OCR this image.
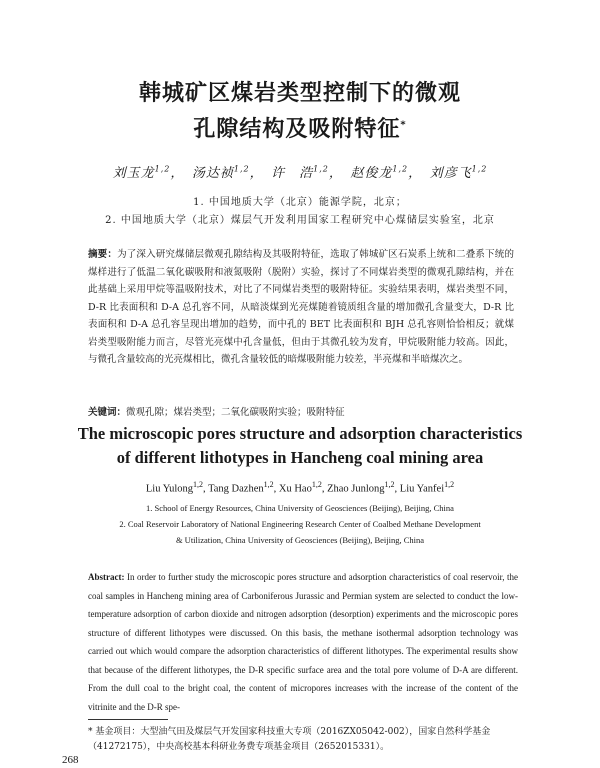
韩城矿区煤岩类型控制下的微观
孔隙结构及吸附特征*
刘玉龙$^{1,2}$，　汤达祯$^{1,2}$，　许　浩$^{1,2}$，　赵俊龙$^{1,2}$，　刘彦飞$^{1,2}$
1. 中国地质大学（北京）能源学院，北京；
2. 中国地质大学（北京）煤层气开发利用国家工程研究中心煤储层实验室，北京

摘要：为了深入研究煤储层微观孔隙结构及其吸附特征，选取了韩城矿区石炭系上统和二叠系下统的煤样进行了低温二氧化碳吸附和液氮吸附（脱附）实验，探讨了不同煤岩类型的微观孔隙结构，并在此基础上采用甲烷等温吸附技术，对比了不同煤岩类型的吸附特征。实验结果表明，煤岩类型不同，D-R 比表面积和 D-A 总孔容不同，从暗淡煤到光亮煤随着镜质组含量的增加微孔含量变大，D-R 比表面积和 D-A 总孔容呈现出增加的趋势，而中孔的 BET 比表面积和 BJH 总孔容则恰恰相反；就煤岩类型吸附能力而言，尽管光亮煤中孔含量低，但由于其微孔较为发育，甲烷吸附能力较高。因此，与微孔含量较高的光亮煤相比，微孔含量较低的暗煤吸附能力较差，半亮煤和半暗煤次之。

关键词：微观孔隙；煤岩类型；二氧化碳吸附实验；吸附特征

The microscopic pores structure and adsorption characteristics
of different lithotypes in Hancheng coal mining area
Liu Yulong$^{1,2}$, Tang Dazhen$^{1,2}$, Xu Hao$^{1,2}$, Zhao Junlong$^{1,2}$, Liu Yanfei$^{1,2}$
1. School of Energy Resources, China University of Geosciences (Beijing), Beijing, China
2. Coal Reservoir Laboratory of National Engineering Research Center of Coalbed Methane Development
& Utilization, China University of Geosciences (Beijing), Beijing, China

Abstract: In order to further study the microscopic pores structure and adsorption characteristics of coal reservoir, the coal samples in Hancheng mining area of Carboniferous Jurassic and Permian system are selected to conduct the low-temperature adsorption of carbon dioxide and nitrogen adsorption (desorption) experiments and the microscopic pores structure of different lithotypes were discussed. On this basis, the methane isothermal adsorption technology was carried out which would compare the adsorption characteristics of different lithotypes. The experimental results show that because of the different lithotypes, the D-R specific surface area and the total pore volume of D-A are different. From the dull coal to the bright coal, the content of micropores increases with the increase of the content of the vitrinite and the D-R spe-

* 基金项目：大型油气田及煤层气开发国家科技重大专项（2016ZX05042-002），国家自然科学基金（41272175），中央高校基本科研业务费专项基金项目（2652015331）。

268
